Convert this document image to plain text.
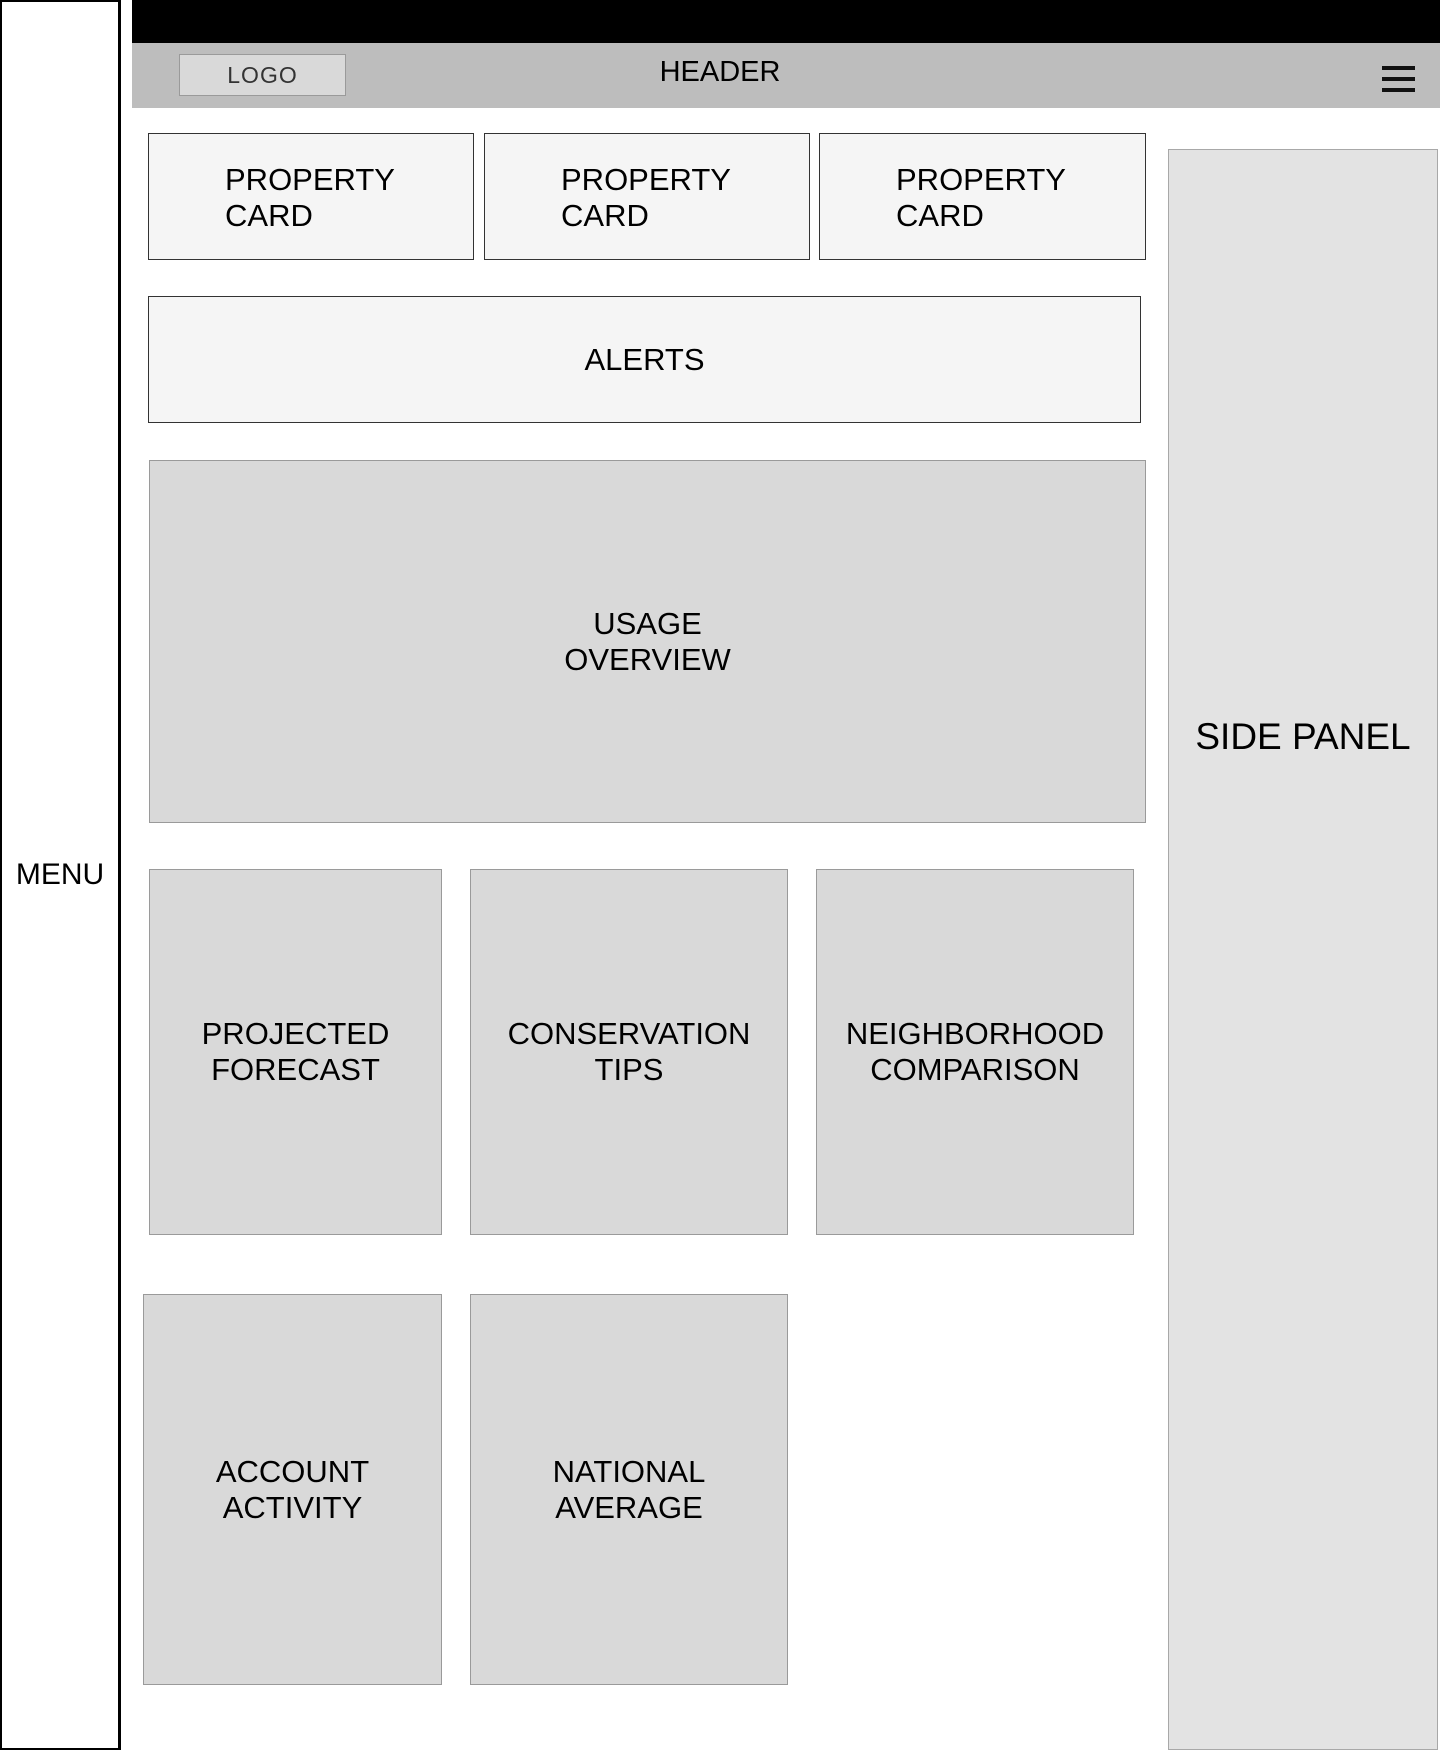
MENU
LOGO	HEADER
PROPERTY
CARD
PROPERTY
CARD
PROPERTY
CARD
ALERTS
USAGE
OVERVIEW
PROJECTED
FORECAST
CONSERVATION
TIPS
NEIGHBORHOOD
COMPARISON
ACCOUNT
ACTIVITY
NATIONAL
AVERAGE
SIDE PANEL
